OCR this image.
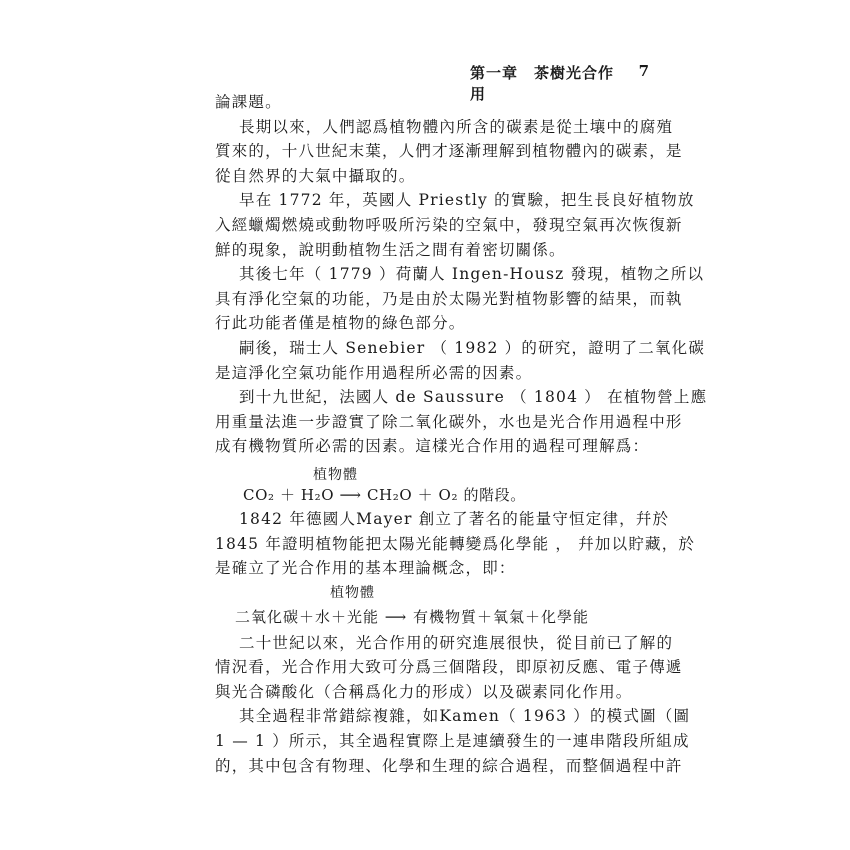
第一章　茶樹光合作用
7
論課題。
長期以來，人們認爲植物體內所含的碳素是從土壤中的腐殖
質來的，十八世紀末葉，人們才逐漸理解到植物體內的碳素，是
從自然界的大氣中攝取的。
早在 1772 年，英國人 Priestly 的實驗，把生長良好植物放
入經蠟燭燃燒或動物呼吸所污染的空氣中，發現空氣再次恢復新
鮮的現象，說明動植物生活之間有着密切關係。
其後七年（ 1779 ）荷蘭人 Ingen-Housz 發現，植物之所以
具有淨化空氣的功能，乃是由於太陽光對植物影響的結果，而執
行此功能者僅是植物的綠色部分。
嗣後，瑞士人 Senebier （ 1982 ）的研究，證明了二氧化碳
是這淨化空氣功能作用過程所必需的因素。
到十九世紀，法國人 de Saussure （ 1804 ） 在植物營上應
用重量法進一步證實了除二氧化碳外，水也是光合作用過程中形
成有機物質所必需的因素。這樣光合作用的過程可理解爲：
植物體
CO₂ ＋ H₂O ⟶ CH₂O ＋ O₂ 的階段。
1842 年德國人Mayer 創立了著名的能量守恒定律，幷於
1845 年證明植物能把太陽光能轉變爲化學能 ， 幷加以貯藏，於
是確立了光合作用的基本理論概念，即：
植物體
二氧化碳＋水＋光能 ⟶ 有機物質＋氧氣＋化學能
二十世紀以來，光合作用的研究進展很快，從目前已了解的
情況看，光合作用大致可分爲三個階段，即原初反應、電子傳遞
與光合磷酸化（合稱爲化力的形成）以及碳素同化作用。
其全過程非常錯綜複雜，如Kamen（ 1963 ）的模式圖（圖
1 — 1 ）所示，其全過程實際上是連續發生的一連串階段所組成
的，其中包含有物理、化學和生理的綜合過程，而整個過程中許
